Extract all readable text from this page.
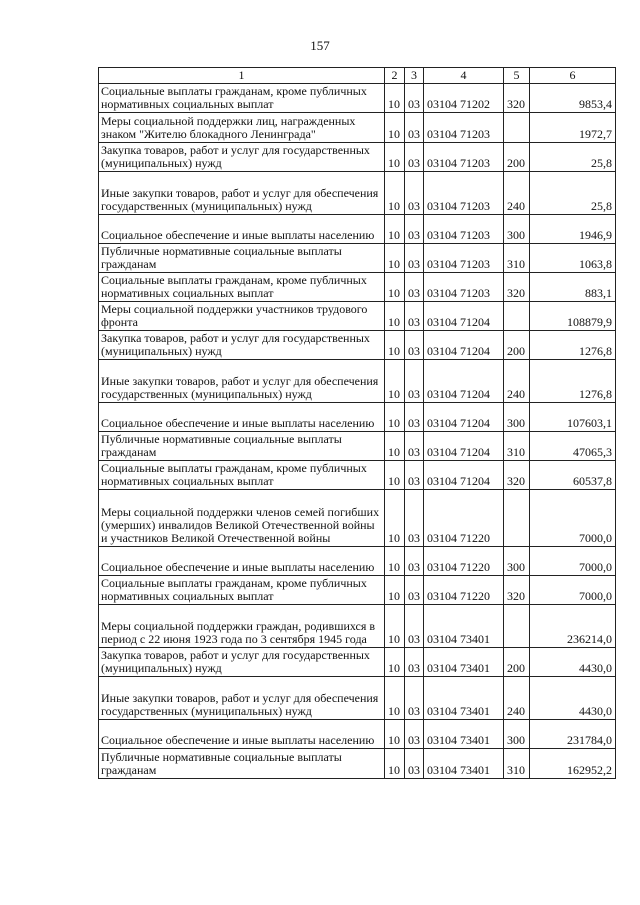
157
1	2	3	4	5	6
Социальные выплаты гражданам, кроме публичных нормативных социальных выплат	10	03	03104 71202	320	9853,4
Меры социальной поддержки лиц, награжденных знаком "Жителю блокадного Ленинграда"	10	03	03104 71203		1972,7
Закупка товаров, работ и услуг для государственных (муниципальных) нужд	10	03	03104 71203	200	25,8
Иные закупки товаров, работ и услуг для обеспечения государственных (муниципальных) нужд	10	03	03104 71203	240	25,8
Социальное обеспечение и иные выплаты населению	10	03	03104 71203	300	1946,9
Публичные нормативные социальные выплаты гражданам	10	03	03104 71203	310	1063,8
Социальные выплаты гражданам, кроме публичных нормативных социальных выплат	10	03	03104 71203	320	883,1
Меры социальной поддержки участников трудового фронта	10	03	03104 71204		108879,9
Закупка товаров, работ и услуг для государственных (муниципальных) нужд	10	03	03104 71204	200	1276,8
Иные закупки товаров, работ и услуг для обеспечения государственных (муниципальных) нужд	10	03	03104 71204	240	1276,8
Социальное обеспечение и иные выплаты населению	10	03	03104 71204	300	107603,1
Публичные нормативные социальные выплаты гражданам	10	03	03104 71204	310	47065,3
Социальные выплаты гражданам, кроме публичных нормативных социальных выплат	10	03	03104 71204	320	60537,8
Меры социальной поддержки членов семей погибших (умерших) инвалидов Великой Отечественной войны и участников Великой Отечественной войны	10	03	03104 71220		7000,0
Социальное обеспечение и иные выплаты населению	10	03	03104 71220	300	7000,0
Социальные выплаты гражданам, кроме публичных нормативных социальных выплат	10	03	03104 71220	320	7000,0
Меры социальной поддержки граждан, родившихся в период с 22 июня 1923 года по 3 сентября 1945 года	10	03	03104 73401		236214,0
Закупка товаров, работ и услуг для государственных (муниципальных) нужд	10	03	03104 73401	200	4430,0
Иные закупки товаров, работ и услуг для обеспечения государственных (муниципальных) нужд	10	03	03104 73401	240	4430,0
Социальное обеспечение и иные выплаты населению	10	03	03104 73401	300	231784,0
Публичные нормативные социальные выплаты гражданам	10	03	03104 73401	310	162952,2
